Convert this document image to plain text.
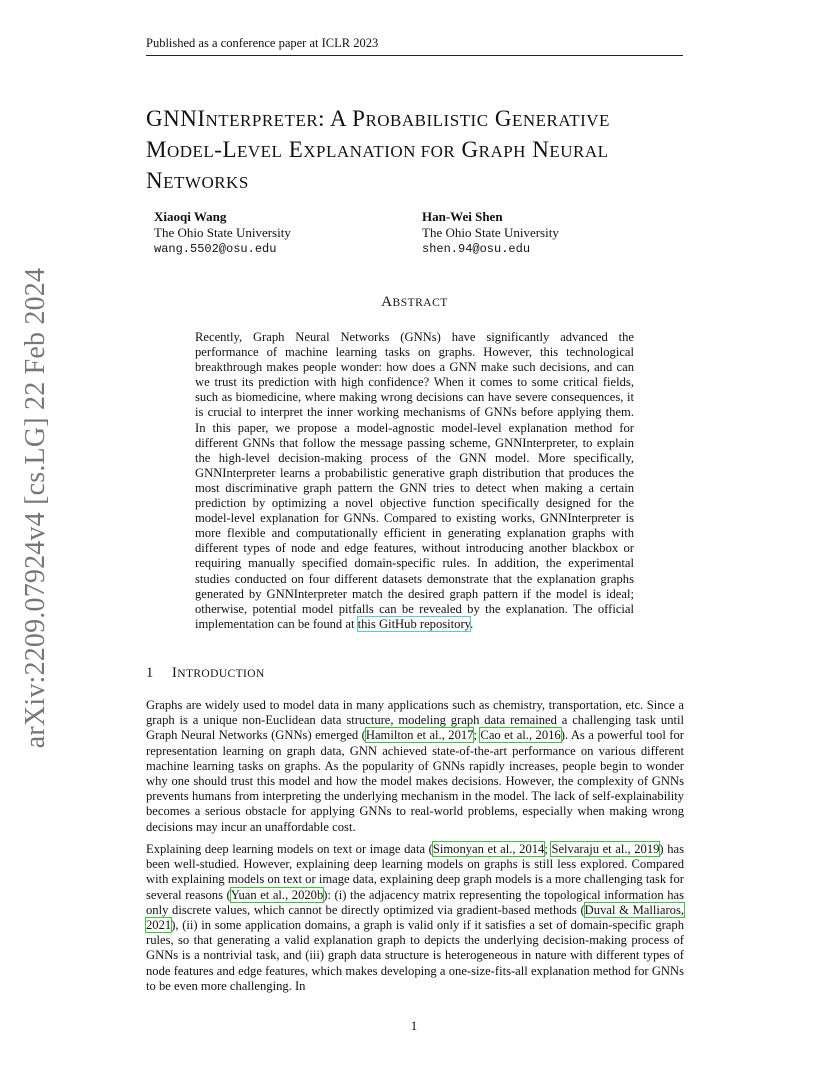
Published as a conference paper at ICLR 2023
arXiv:2209.07924v4 [cs.LG] 22 Feb 2024
GNNINTERPRETER: A PROBABILISTIC GENERATIVE
MODEL-LEVEL EXPLANATION FOR GRAPH NEURAL
NETWORKS
Xiaoqi Wang
The Ohio State University
wang.5502@osu.edu
Han-Wei Shen
The Ohio State University
shen.94@osu.edu
ABSTRACT

Recently, Graph Neural Networks (GNNs) have significantly advanced the performance of machine learning tasks on graphs. However, this technological breakthrough makes people wonder: how does a GNN make such decisions, and can we trust its prediction with high confidence? When it comes to some critical fields, such as biomedicine, where making wrong decisions can have severe consequences, it is crucial to interpret the inner working mechanisms of GNNs before applying them. In this paper, we propose a model-agnostic model-level explanation method for different GNNs that follow the message passing scheme, GNNInterpreter, to explain the high-level decision-making process of the GNN model. More specifically, GNNInterpreter learns a probabilistic generative graph distribution that produces the most discriminative graph pattern the GNN tries to detect when making a certain prediction by optimizing a novel objective function specifically designed for the model-level explanation for GNNs. Compared to existing works, GNNInterpreter is more flexible and computationally efficient in generating explanation graphs with different types of node and edge features, without introducing another blackbox or requiring manually specified domain-specific rules. In addition, the experimental studies conducted on four different datasets demonstrate that the explanation graphs generated by GNNInterpreter match the desired graph pattern if the model is ideal; otherwise, potential model pitfalls can be revealed by the explanation. The official implementation can be found at this GitHub repository.

1 INTRODUCTION

Graphs are widely used to model data in many applications such as chemistry, transportation, etc. Since a graph is a unique non-Euclidean data structure, modeling graph data remained a challenging task until Graph Neural Networks (GNNs) emerged (Hamilton et al., 2017; Cao et al., 2016). As a powerful tool for representation learning on graph data, GNN achieved state-of-the-art performance on various different machine learning tasks on graphs. As the popularity of GNNs rapidly increases, people begin to wonder why one should trust this model and how the model makes decisions. However, the complexity of GNNs prevents humans from interpreting the underlying mechanism in the model. The lack of self-explainability becomes a serious obstacle for applying GNNs to real-world problems, especially when making wrong decisions may incur an unaffordable cost.

Explaining deep learning models on text or image data (Simonyan et al., 2014; Selvaraju et al., 2019) has been well-studied. However, explaining deep learning models on graphs is still less explored. Compared with explaining models on text or image data, explaining deep graph models is a more challenging task for several reasons (Yuan et al., 2020b): (i) the adjacency matrix representing the topological information has only discrete values, which cannot be directly optimized via gradient-based methods (Duval & Malliaros, 2021), (ii) in some application domains, a graph is valid only if it satisfies a set of domain-specific graph rules, so that generating a valid explanation graph to depicts the underlying decision-making process of GNNs is a nontrivial task, and (iii) graph data structure is heterogeneous in nature with different types of node features and edge features, which makes developing a one-size-fits-all explanation method for GNNs to be even more challenging. In

1
